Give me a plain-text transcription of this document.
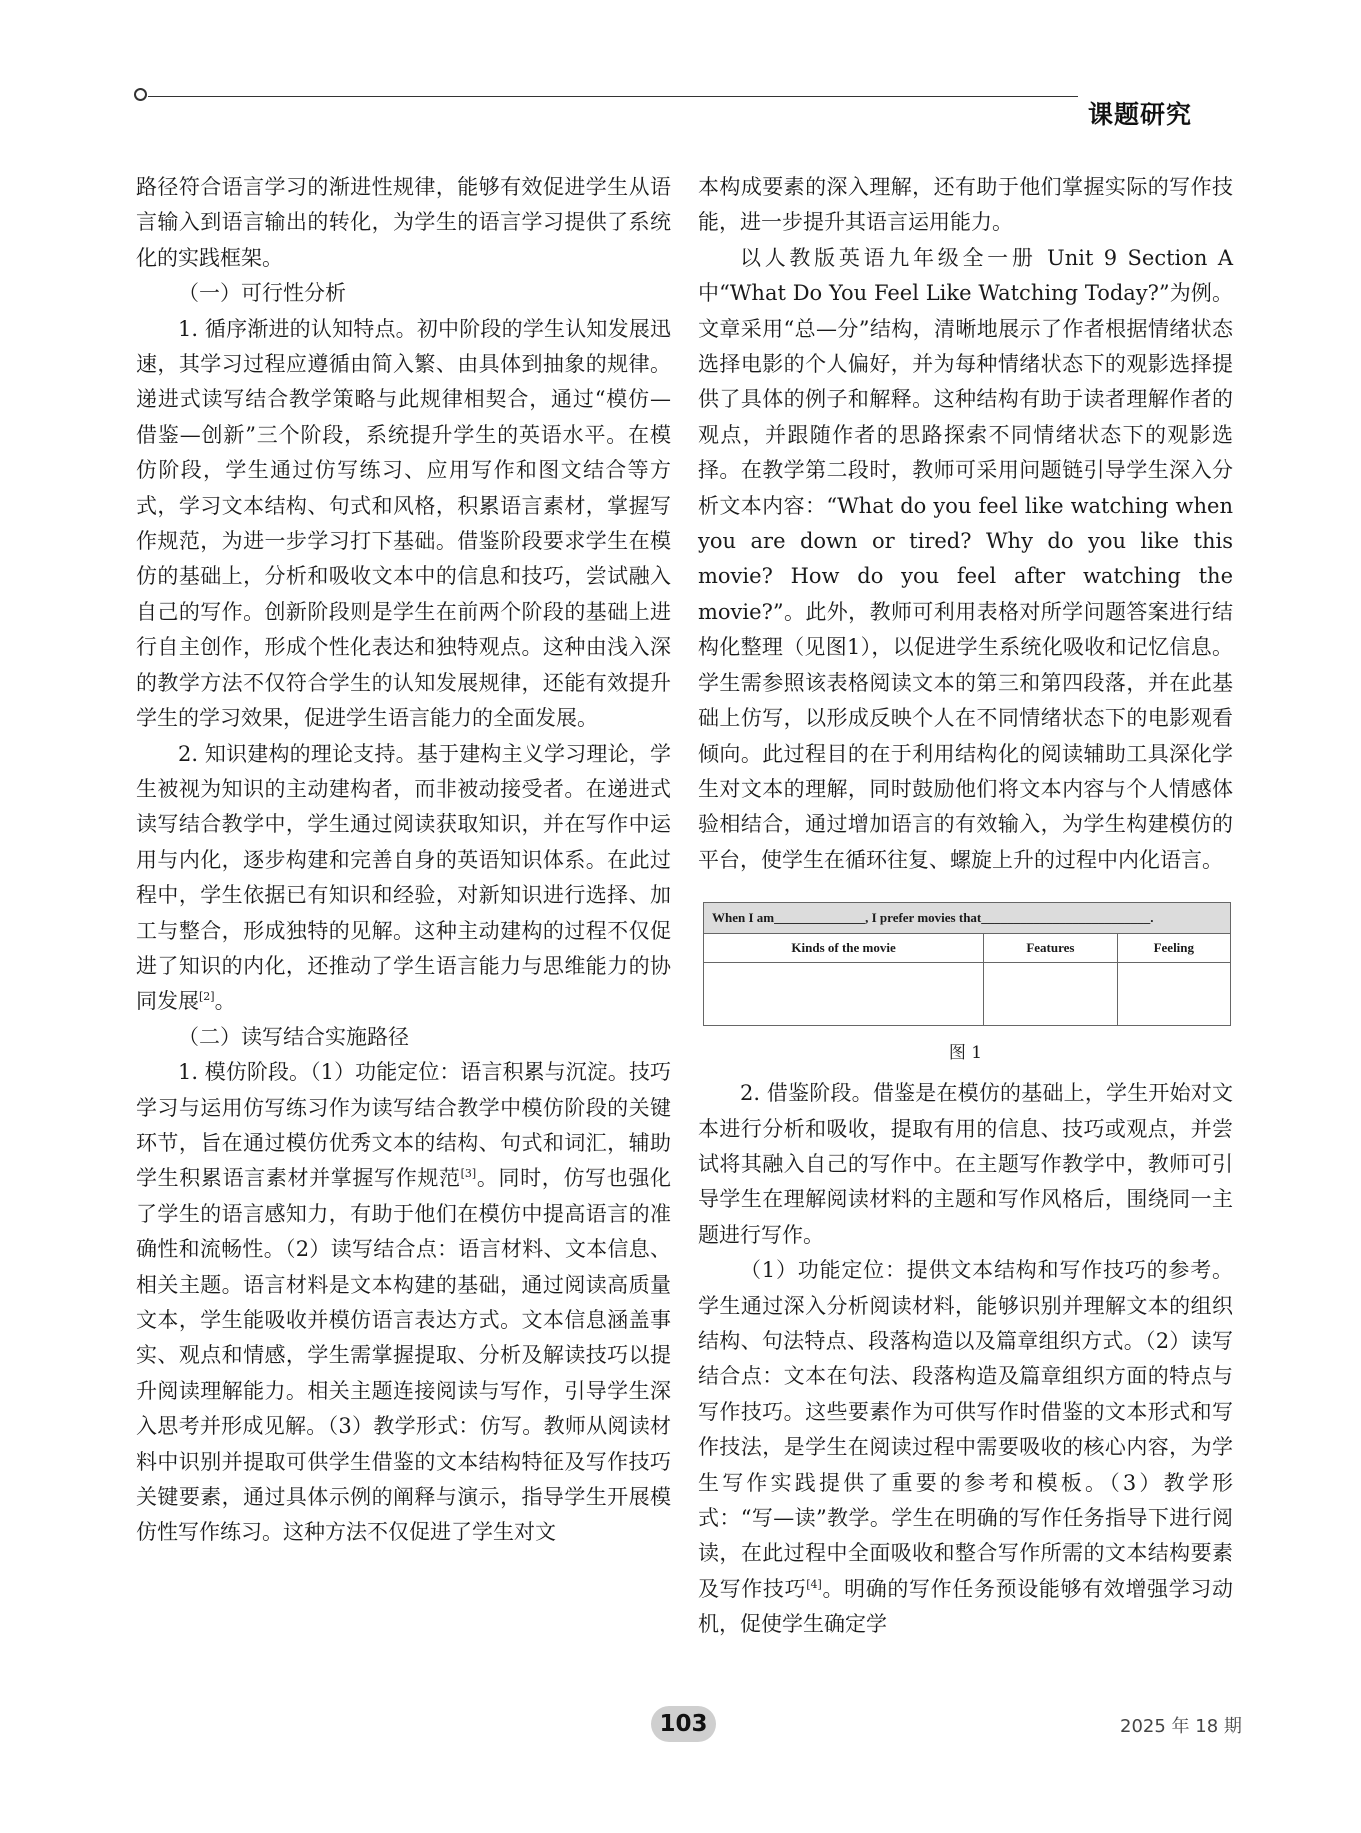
课题研究

路径符合语言学习的渐进性规律，能够有效促进学生从语言输入到语言输出的转化，为学生的语言学习提供了系统化的实践框架。

（一）可行性分析

1. 循序渐进的认知特点。初中阶段的学生认知发展迅速，其学习过程应遵循由简入繁、由具体到抽象的规律。递进式读写结合教学策略与此规律相契合，通过“模仿—借鉴—创新”三个阶段，系统提升学生的英语水平。在模仿阶段，学生通过仿写练习、应用写作和图文结合等方式，学习文本结构、句式和风格，积累语言素材，掌握写作规范，为进一步学习打下基础。借鉴阶段要求学生在模仿的基础上，分析和吸收文本中的信息和技巧，尝试融入自己的写作。创新阶段则是学生在前两个阶段的基础上进行自主创作，形成个性化表达和独特观点。这种由浅入深的教学方法不仅符合学生的认知发展规律，还能有效提升学生的学习效果，促进学生语言能力的全面发展。

2. 知识建构的理论支持。基于建构主义学习理论，学生被视为知识的主动建构者，而非被动接受者。在递进式读写结合教学中，学生通过阅读获取知识，并在写作中运用与内化，逐步构建和完善自身的英语知识体系。在此过程中，学生依据已有知识和经验，对新知识进行选择、加工与整合，形成独特的见解。这种主动建构的过程不仅促进了知识的内化，还推动了学生语言能力与思维能力的协同发展[2]。

（二）读写结合实施路径

1. 模仿阶段。（1）功能定位：语言积累与沉淀。技巧学习与运用仿写练习作为读写结合教学中模仿阶段的关键环节，旨在通过模仿优秀文本的结构、句式和词汇，辅助学生积累语言素材并掌握写作规范[3]。同时，仿写也强化了学生的语言感知力，有助于他们在模仿中提高语言的准确性和流畅性。（2）读写结合点：语言材料、文本信息、相关主题。语言材料是文本构建的基础，通过阅读高质量文本，学生能吸收并模仿语言表达方式。文本信息涵盖事实、观点和情感，学生需掌握提取、分析及解读技巧以提升阅读理解能力。相关主题连接阅读与写作，引导学生深入思考并形成见解。（3）教学形式：仿写。教师从阅读材料中识别并提取可供学生借鉴的文本结构特征及写作技巧关键要素，通过具体示例的阐释与演示，指导学生开展模仿性写作练习。这种方法不仅促进了学生对文

本构成要素的深入理解，还有助于他们掌握实际的写作技能，进一步提升其语言运用能力。

以人教版英语九年级全一册 Unit 9 Section A 中“What Do You Feel Like Watching Today?”为例。文章采用“总—分”结构，清晰地展示了作者根据情绪状态选择电影的个人偏好，并为每种情绪状态下的观影选择提供了具体的例子和解释。这种结构有助于读者理解作者的观点，并跟随作者的思路探索不同情绪状态下的观影选择。在教学第二段时，教师可采用问题链引导学生深入分析文本内容：“What do you feel like watching when you are down or tired? Why do you like this movie? How do you feel after watching the movie?”。此外，教师可利用表格对所学问题答案进行结构化整理（见图1），以促进学生系统化吸收和记忆信息。学生需参照该表格阅读文本的第三和第四段落，并在此基础上仿写，以形成反映个人在不同情绪状态下的电影观看倾向。此过程目的在于利用结构化的阅读辅助工具深化学生对文本的理解，同时鼓励他们将文本内容与个人情感体验相结合，通过增加语言的有效输入，为学生构建模仿的平台，使学生在循环往复、螺旋上升的过程中内化语言。

When I am______________, I prefer movies that__________________________.		
Kinds of the movie	Features	Feeling

图 1

2. 借鉴阶段。借鉴是在模仿的基础上，学生开始对文本进行分析和吸收，提取有用的信息、技巧或观点，并尝试将其融入自己的写作中。在主题写作教学中，教师可引导学生在理解阅读材料的主题和写作风格后，围绕同一主题进行写作。

（1）功能定位：提供文本结构和写作技巧的参考。学生通过深入分析阅读材料，能够识别并理解文本的组织结构、句法特点、段落构造以及篇章组织方式。（2）读写结合点：文本在句法、段落构造及篇章组织方面的特点与写作技巧。这些要素作为可供写作时借鉴的文本形式和写作技法，是学生在阅读过程中需要吸收的核心内容，为学生写作实践提供了重要的参考和模板。（3）教学形式：“写—读”教学。学生在明确的写作任务指导下进行阅读，在此过程中全面吸收和整合写作所需的文本结构要素及写作技巧[4]。明确的写作任务预设能够有效增强学习动机，促使学生确定学

103	2025 年 18 期
